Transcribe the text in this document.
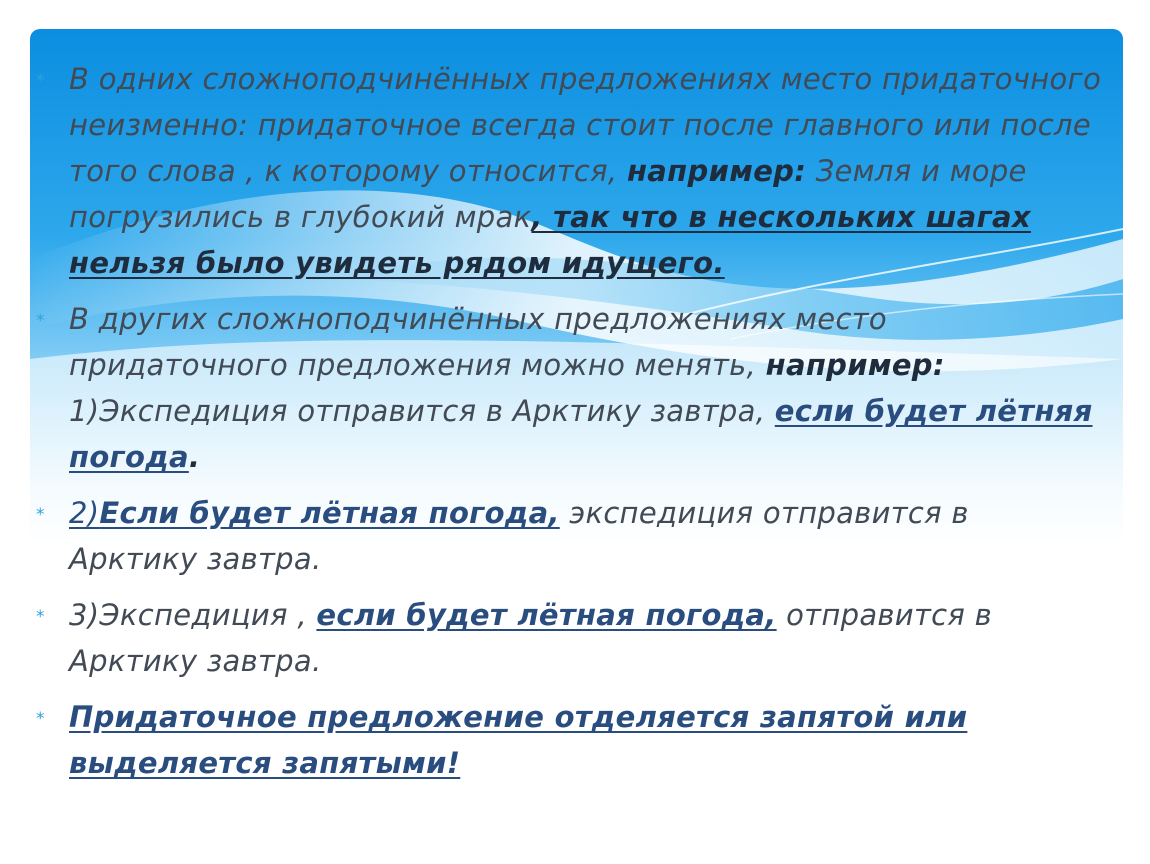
* В одних сложноподчинённых предложениях место придаточного неизменно: придаточное всегда стоит после главного или после того слова , к которому относится, например: Земля и море погрузились в глубокий мрак, так что в нескольких шагах нельзя было увидеть рядом идущего.
* В других сложноподчинённых предложениях место придаточного предложения можно менять, например: 1)Экспедиция отправится в Арктику завтра, если будет лётняя погода.
* 2)Если будет лётная погода, экспедиция отправится в Арктику завтра.
* 3)Экспедиция , если будет лётная погода, отправится в Арктику завтра.
* Придаточное предложение отделяется запятой или выделяется запятыми!
